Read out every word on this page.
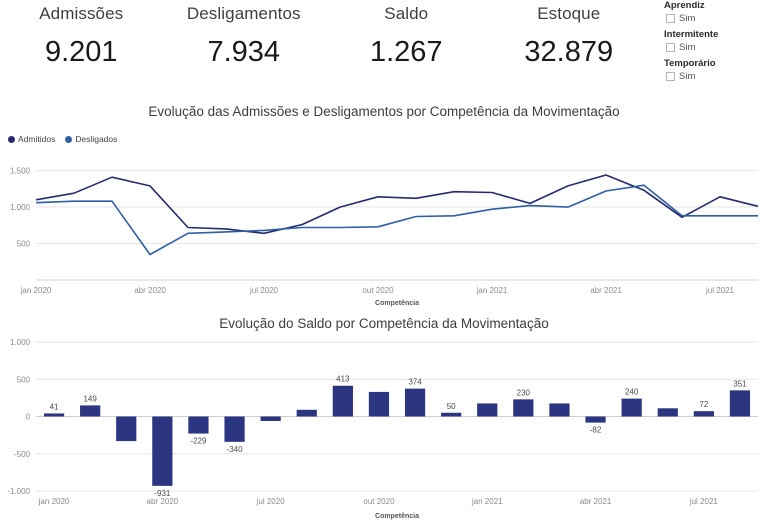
Admissões
9.201
Desligamentos
7.934
Saldo
1.267
Estoque
32.879
Aprendiz
Sim
Intermitente
Sim
Temporário
Sim
Evolução das Admissões e Desligamentos por Competência da Movimentação
Admitidos Desligados
500
1.000
1.500
jan 2020	abr 2020	jul 2020	out 2020	jan 2021	abr 2021	jul 2021
Competência
Evolução do Saldo por Competência da Movimentação
-1.000
-500
0
500
1.000
41
149
-931
-229
-340
413	374
50
230
-82
240
72
351
jan 2020	abr 2020	jul 2020	out 2020	jan 2021	abr 2021	jul 2021
Competência
